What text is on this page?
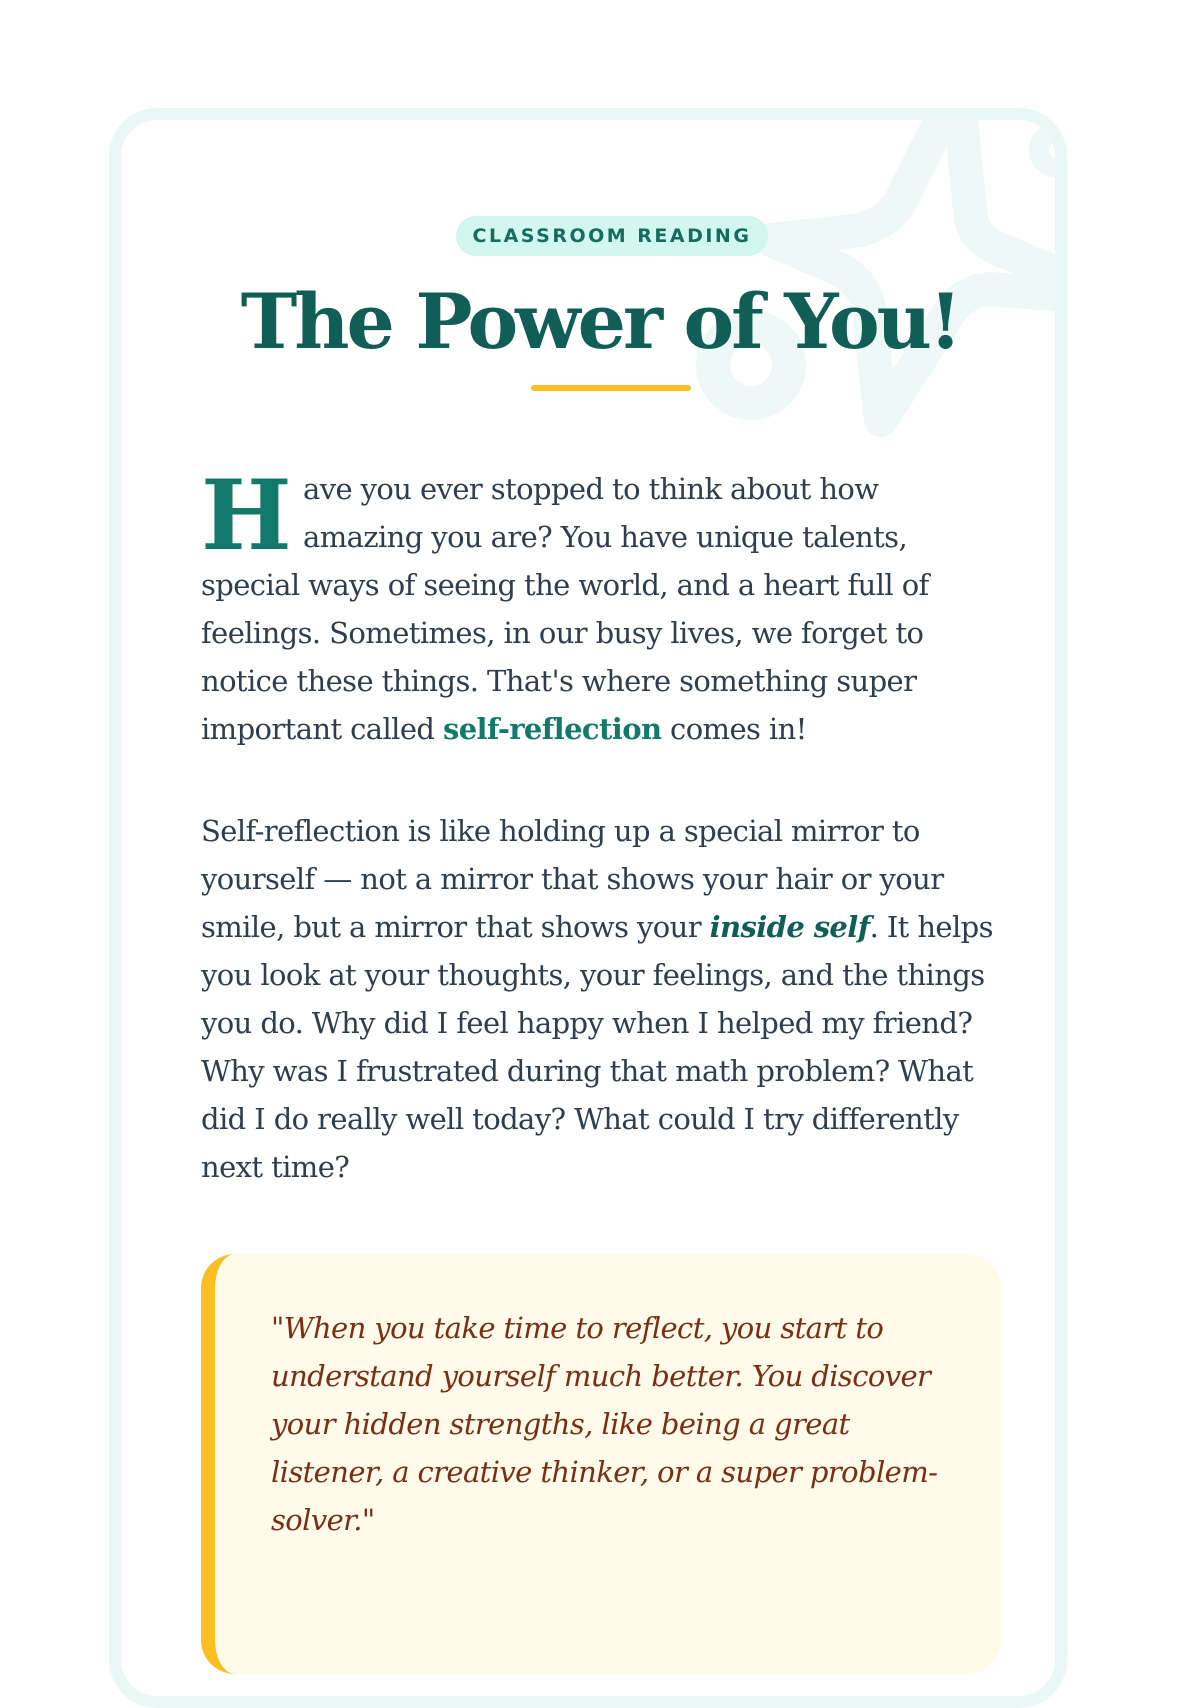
CLASSROOM READING
The Power of You!

Have you ever stopped to think about how amazing you are? You have unique talents, special ways of seeing the world, and a heart full of feelings. Sometimes, in our busy lives, we forget to notice these things. That's where something super important called self-reflection comes in!

Self-reflection is like holding up a special mirror to yourself — not a mirror that shows your hair or your smile, but a mirror that shows your inside self. It helps you look at your thoughts, your feelings, and the things you do. Why did I feel happy when I helped my friend? Why was I frustrated during that math problem? What did I do really well today? What could I try differently next time?

"When you take time to reflect, you start to understand yourself much better. You discover your hidden strengths, like being a great listener, a creative thinker, or a super problem-solver."
